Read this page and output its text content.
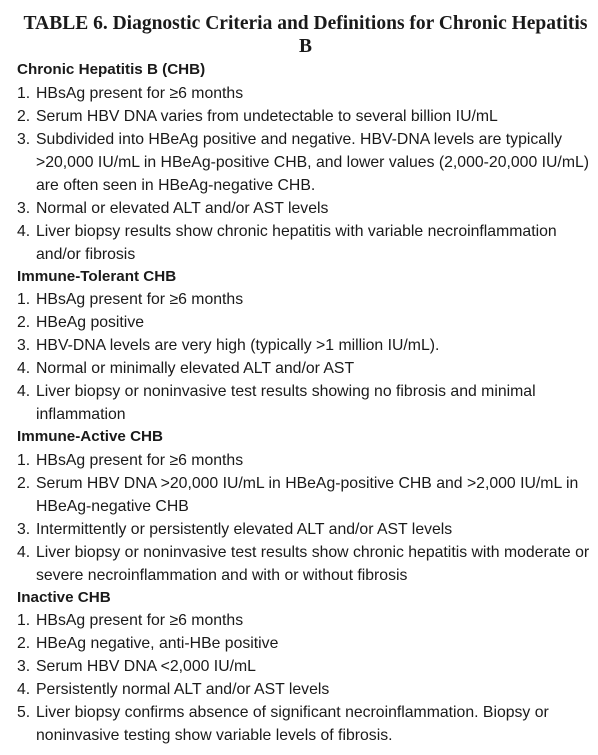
TABLE 6. Diagnostic Criteria and Definitions for Chronic Hepatitis B
Chronic Hepatitis B (CHB)
1. HBsAg present for ≥6 months
2. Serum HBV DNA varies from undetectable to several billion IU/mL
3. Subdivided into HBeAg positive and negative. HBV-DNA levels are typically >20,000 IU/mL in HBeAg-positive CHB, and lower values (2,000-20,000 IU/mL) are often seen in HBeAg-negative CHB.
3. Normal or elevated ALT and/or AST levels
4. Liver biopsy results show chronic hepatitis with variable necroinflammation and/or fibrosis
Immune-Tolerant CHB
1. HBsAg present for ≥6 months
2. HBeAg positive
3. HBV-DNA levels are very high (typically >1 million IU/mL).
4. Normal or minimally elevated ALT and/or AST
4. Liver biopsy or noninvasive test results showing no fibrosis and minimal inflammation
Immune-Active CHB
1. HBsAg present for ≥6 months
2. Serum HBV DNA >20,000 IU/mL in HBeAg-positive CHB and >2,000 IU/mL in HBeAg-negative CHB
3. Intermittently or persistently elevated ALT and/or AST levels
4. Liver biopsy or noninvasive test results show chronic hepatitis with moderate or severe necroinflammation and with or without fibrosis
Inactive CHB
1. HBsAg present for ≥6 months
2. HBeAg negative, anti-HBe positive
3. Serum HBV DNA <2,000 IU/mL
4. Persistently normal ALT and/or AST levels
5. Liver biopsy confirms absence of significant necroinflammation. Biopsy or noninvasive testing show variable levels of fibrosis.
